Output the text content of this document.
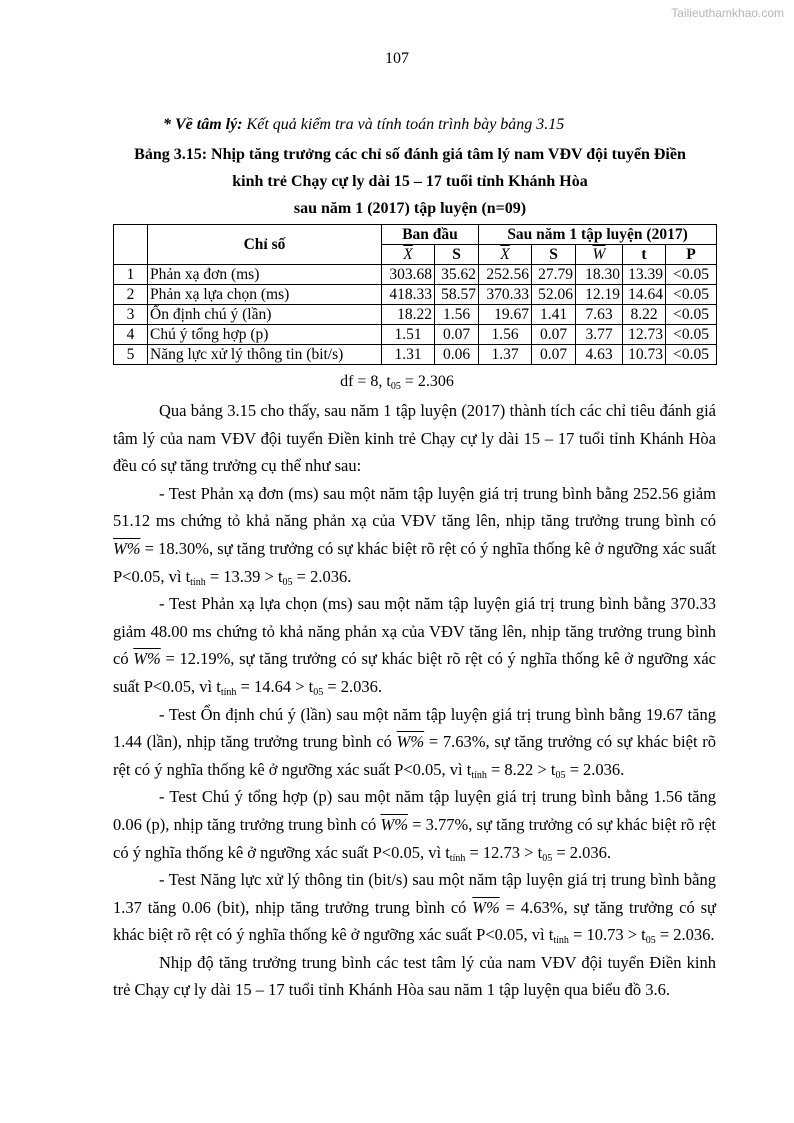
Tailieuthamkhao.com
107
* Về tâm lý: Kết quả kiểm tra và tính toán trình bày bảng 3.15
Bảng 3.15: Nhịp tăng trưởng các chỉ số đánh giá tâm lý nam VĐV đội tuyển Điền
kinh trẻ Chạy cự ly dài 15 – 17 tuổi tỉnh Khánh Hòa
sau năm 1 (2017) tập luyện (n=09)
	Chỉ số	Ban đầu		Sau năm 1 tập luyện (2017)				
		$\overline{X}$	S	$\overline{X}$	S	$\overline{W}$	t	P
1	Phản xạ đơn (ms)	303.68	35.62	252.56	27.79	18.30	13.39	<0.05
2	Phản xạ lựa chọn (ms)	418.33	58.57	370.33	52.06	12.19	14.64	<0.05
3	Ổn định chú ý (lần)	18.22	1.56	19.67	1.41	7.63	8.22	<0.05
4	Chú ý tổng hợp (p)	1.51	0.07	1.56	0.07	3.77	12.73	<0.05
5	Năng lực xử lý thông tin (bit/s)	1.31	0.06	1.37	0.07	4.63	10.73	<0.05
df = 8, $t_{05} = 2.306$

Qua bảng 3.15 cho thấy, sau năm 1 tập luyện (2017) thành tích các chỉ tiêu đánh giá tâm lý của nam VĐV đội tuyển Điền kinh trẻ Chạy cự ly dài 15 – 17 tuổi tỉnh Khánh Hòa đều có sự tăng trưởng cụ thể như sau:

- Test Phản xạ đơn (ms) sau một năm tập luyện giá trị trung bình bằng 252.56 giảm 51.12 ms chứng tỏ khả năng phản xạ của VĐV tăng lên, nhịp tăng trưởng trung bình có $\overline{W}\% = 18.30\%$, sự tăng trưởng có sự khác biệt rõ rệt có ý nghĩa thống kê ở ngưỡng xác suất P<0.05, vì $t_{tính} = 13.39 > t_{05} = 2.036$.

- Test Phản xạ lựa chọn (ms) sau một năm tập luyện giá trị trung bình bằng 370.33 giảm 48.00 ms chứng tỏ khả năng phản xạ của VĐV tăng lên, nhịp tăng trưởng trung bình có $\overline{W}\% = 12.19\%$, sự tăng trưởng có sự khác biệt rõ rệt có ý nghĩa thống kê ở ngưỡng xác suất P<0.05, vì $t_{tính} = 14.64 > t_{05} = 2.036$.

- Test Ổn định chú ý (lần) sau một năm tập luyện giá trị trung bình bằng 19.67 tăng 1.44 (lần), nhịp tăng trưởng trung bình có $\overline{W}\% = 7.63\%$, sự tăng trưởng có sự khác biệt rõ rệt có ý nghĩa thống kê ở ngưỡng xác suất P<0.05, vì $t_{tính} = 8.22 > t_{05} = 2.036$.

- Test Chú ý tổng hợp (p) sau một năm tập luyện giá trị trung bình bằng 1.56 tăng 0.06 (p), nhịp tăng trưởng trung bình có $\overline{W}\% = 3.77\%$, sự tăng trưởng có sự khác biệt rõ rệt có ý nghĩa thống kê ở ngưỡng xác suất P<0.05, vì $t_{tính} = 12.73 > t_{05} = 2.036$.

- Test Năng lực xử lý thông tin (bit/s) sau một năm tập luyện giá trị trung bình bằng 1.37 tăng 0.06 (bit), nhịp tăng trưởng trung bình có $\overline{W}\% = 4.63\%$, sự tăng trưởng có sự khác biệt rõ rệt có ý nghĩa thống kê ở ngưỡng xác suất P<0.05, vì $t_{tính} = 10.73 > t_{05} = 2.036$.

Nhịp độ tăng trưởng trung bình các test tâm lý của nam VĐV đội tuyển Điền kinh trẻ Chạy cự ly dài 15 – 17 tuổi tỉnh Khánh Hòa sau năm 1 tập luyện qua biểu đồ 3.6.
